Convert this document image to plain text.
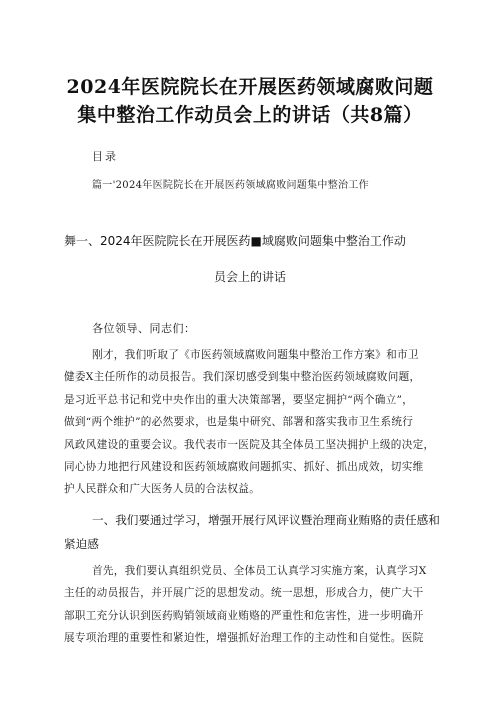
2024年医院院长在开展医药领域腐败问题
集中整治工作动员会上的讲话（共8篇）
目录
篇一'2024年医院院长在开展医药领域腐败问题集中整治工作
舞一、2024年医院院长在开展医药■域腐败问题集中整治工作动
员会上的讲话
各位领导、同志们：
刚才，我们听取了《市医药领域腐败问题集中整治工作方案》和市卫
健委X主任所作的动员报告。我们深切感受到集中整治医药领域腐败问题，
是习近平总书记和党中央作出的重大决策部署，要坚定拥护“两个确立”，
做到“两个维护”的必然要求，也是集中研究、部署和落实我市卫生系统行
风政风建设的重要会议。我代表市一医院及其全体员工坚决拥护上级的决定，
同心协力地把行风建设和医药领域腐败问题抓实、抓好、抓出成效，切实维
护人民群众和广大医务人员的合法权益。
一、我们要通过学习，增强开展行风评议暨治理商业贿赂的责任感和
紧迫感
首先，我们要认真组织党员、全体员工认真学习实施方案，认真学习X
主任的动员报告，并开展广泛的思想发动。统一思想，形成合力，使广大干
部职工充分认识到医药购销领域商业贿赂的严重性和危害性，进一步明确开
展专项治理的重要性和紧迫性，增强抓好治理工作的主动性和自觉性。医院
